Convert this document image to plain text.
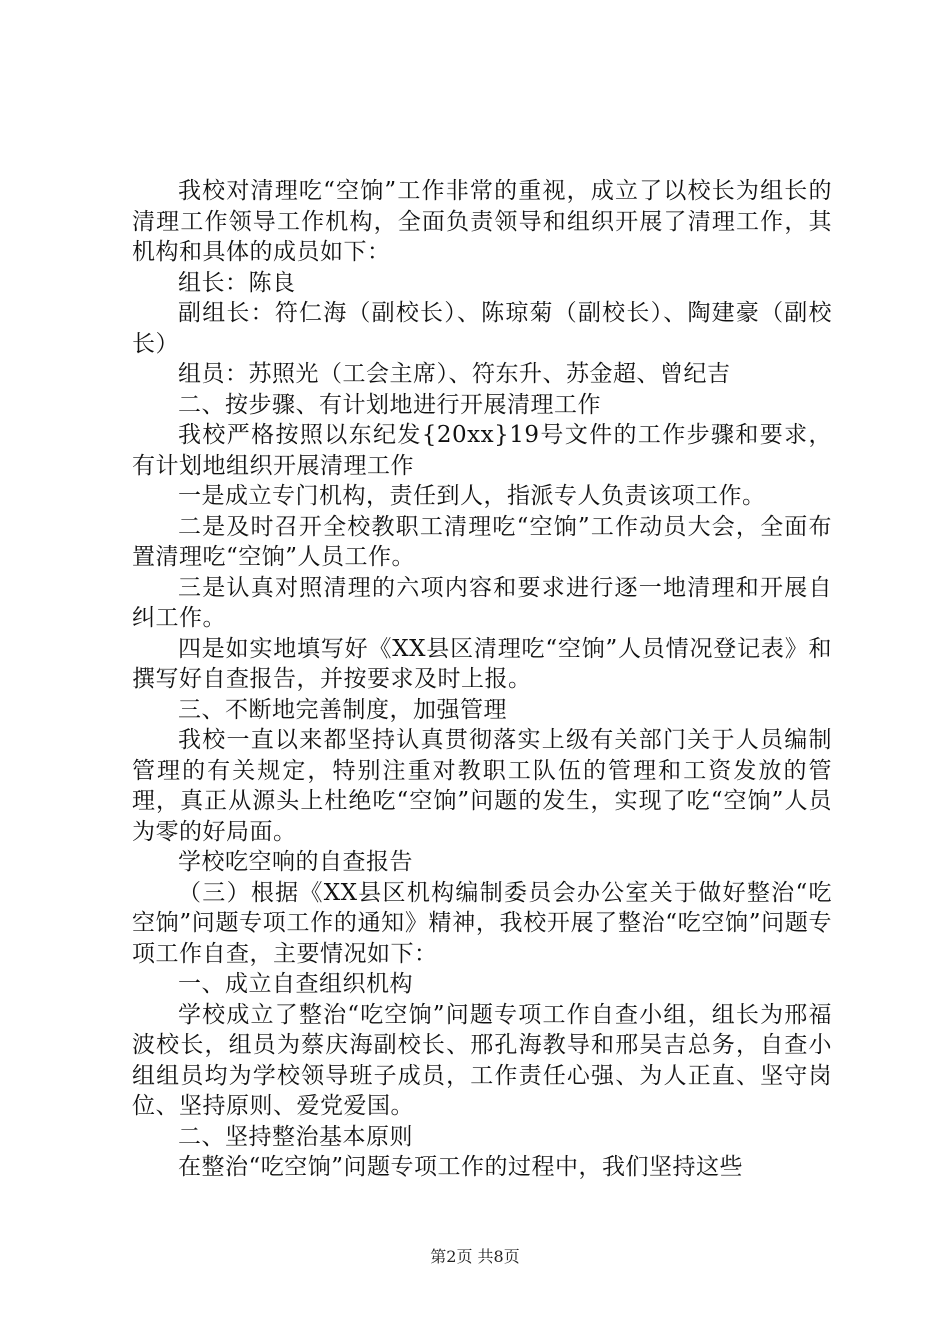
我校对清理吃“空饷”工作非常的重视，成立了以校长为组长的清理工作领导工作机构，全面负责领导和组织开展了清理工作，其机构和具体的成员如下：

组长：陈良

副组长：符仁海（副校长）、陈琼菊（副校长）、陶建豪（副校长）

组员：苏照光（工会主席）、符东升、苏金超、曾纪吉

二、按步骤、有计划地进行开展清理工作

我校严格按照以东纪发{20xx}19号文件的工作步骤和要求，有计划地组织开展清理工作

一是成立专门机构，责任到人，指派专人负责该项工作。

二是及时召开全校教职工清理吃“空饷”工作动员大会，全面布置清理吃“空饷”人员工作。

三是认真对照清理的六项内容和要求进行逐一地清理和开展自纠工作。

四是如实地填写好《XX县区清理吃“空饷”人员情况登记表》和撰写好自查报告，并按要求及时上报。

三、不断地完善制度，加强管理

我校一直以来都坚持认真贯彻落实上级有关部门关于人员编制管理的有关规定，特别注重对教职工队伍的管理和工资发放的管理，真正从源头上杜绝吃“空饷”问题的发生，实现了吃“空饷”人员为零的好局面。

学校吃空响的自查报告

（三）根据《XX县区机构编制委员会办公室关于做好整治“吃空饷”问题专项工作的通知》精神，我校开展了整治“吃空饷”问题专项工作自查，主要情况如下：

一、成立自查组织机构

学校成立了整治“吃空饷”问题专项工作自查小组，组长为邢福波校长，组员为蔡庆海副校长、邢孔海教导和邢吴吉总务，自查小组组员均为学校领导班子成员，工作责任心强、为人正直、坚守岗位、坚持原则、爱党爱国。

二、坚持整治基本原则

在整治“吃空饷”问题专项工作的过程中，我们坚持这些

第2页 共8页
